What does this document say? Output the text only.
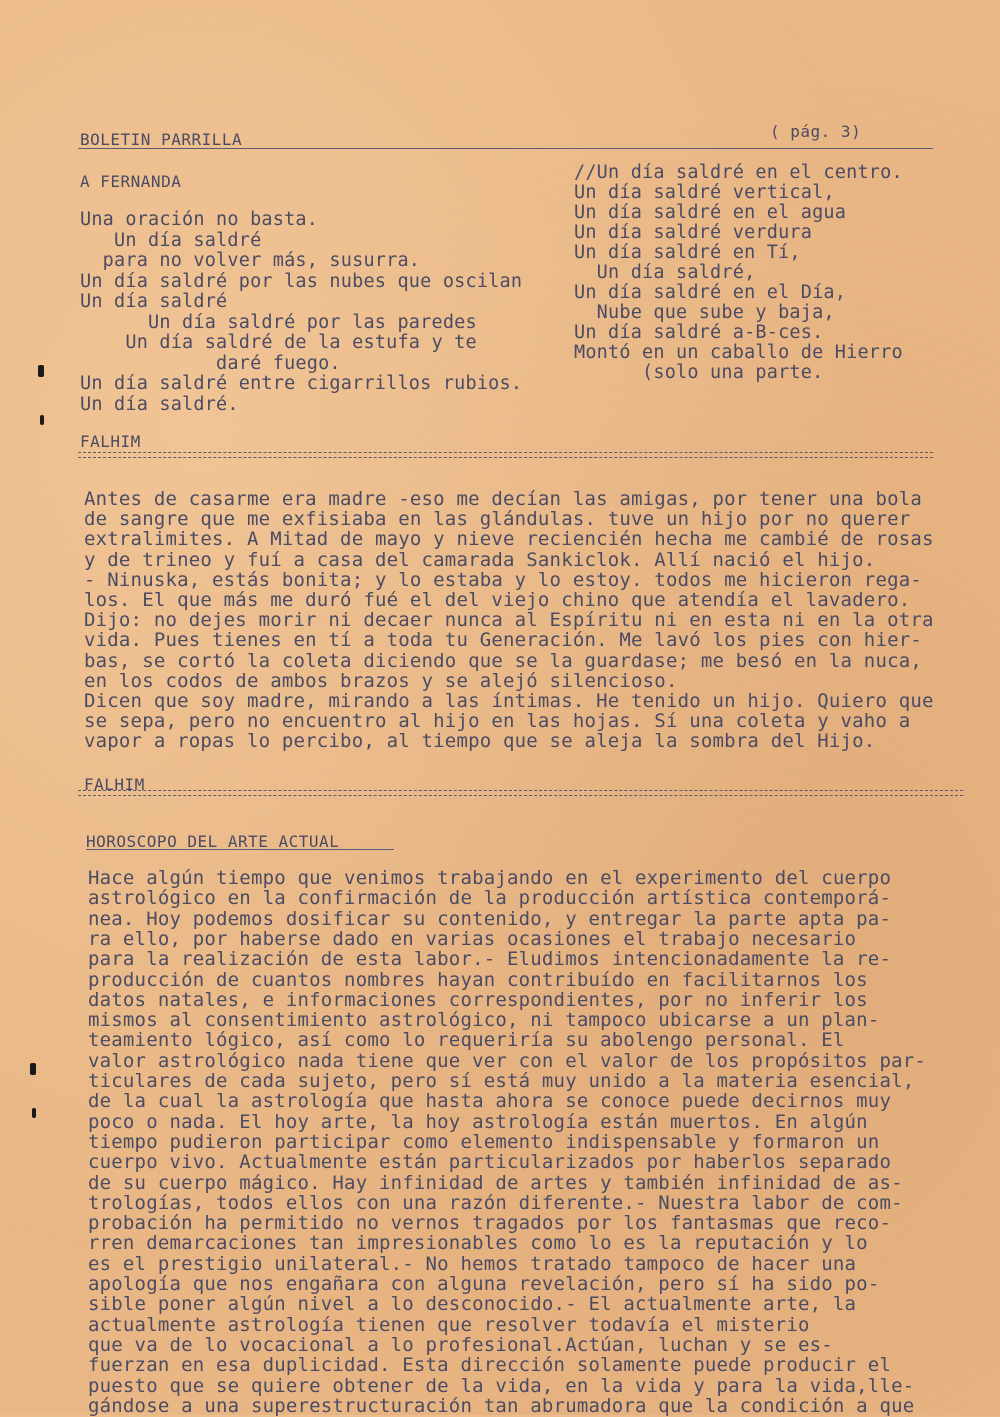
BOLETIN PARRILLA	( pág. 3)
A FERNANDA
Una oración no basta.
Un día saldré
para no volver más, susurra.
Un día saldré por las nubes que oscilan
Un día saldré
Un día saldré por las paredes
Un día saldré de la estufa y te
daré fuego.
Un día saldré entre cigarrillos rubios.
Un día saldré.
//Un día saldré en el centro.
Un día saldré vertical,
Un día saldré en el agua
Un día saldré verdura
Un día saldré en Tí,
Un día saldré,
Un día saldré en el Día,
Nube que sube y baja,
Un día saldré a-B-ces.
Montó en un caballo de Hierro
(solo una parte.
FALHIM
Antes de casarme era madre -eso me decían las amigas, por tener una bola
de sangre que me exfisiaba en las glándulas. tuve un hijo por no querer
extralimites. A Mitad de mayo y nieve reciencién hecha me cambié de rosas
y de trineo y fuí a casa del camarada Sankiclok. Allí nació el hijo.
- Ninuska, estás bonita; y lo estaba y lo estoy. todos me hicieron rega-
los. El que más me duró fué el del viejo chino que atendía el lavadero.
Dijo: no dejes morir ni decaer nunca al Espíritu ni en esta ni en la otra
vida. Pues tienes en tí a toda tu Generación. Me lavó los pies con hier-
bas, se cortó la coleta diciendo que se la guardase; me besó en la nuca,
en los codos de ambos brazos y se alejó silencioso.
Dicen que soy madre, mirando a las íntimas. He tenido un hijo. Quiero que
se sepa, pero no encuentro al hijo en las hojas. Sí una coleta y vaho a
vapor a ropas lo percibo, al tiempo que se aleja la sombra del Hijo.
FALHIM
HOROSCOPO DEL ARTE ACTUAL
Hace algún tiempo que venimos trabajando en el experimento del cuerpo
astrológico en la confirmación de la producción artística contemporá-
nea. Hoy podemos dosificar su contenido, y entregar la parte apta pa-
ra ello, por haberse dado en varias ocasiones el trabajo necesario
para la realización de esta labor.- Eludimos intencionadamente la re-
producción de cuantos nombres hayan contribuído en facilitarnos los
datos natales, e informaciones correspondientes, por no inferir los
mismos al consentimiento astrológico, ni tampoco ubicarse a un plan-
teamiento lógico, así como lo requeriría su abolengo personal. El
valor astrológico nada tiene que ver con el valor de los propósitos par-
ticulares de cada sujeto, pero sí está muy unido a la materia esencial,
de la cual la astrología que hasta ahora se conoce puede decirnos muy
poco o nada. El hoy arte, la hoy astrología están muertos. En algún
tiempo pudieron participar como elemento indispensable y formaron un
cuerpo vivo. Actualmente están particularizados por haberlos separado
de su cuerpo mágico. Hay infinidad de artes y también infinidad de as-
trologías, todos ellos con una razón diferente.- Nuestra labor de com-
probación ha permitido no vernos tragados por los fantasmas que reco-
rren demarcaciones tan impresionables como lo es la reputación y lo
es el prestigio unilateral.- No hemos tratado tampoco de hacer una
apología que nos engañara con alguna revelación, pero sí ha sido po-
sible poner algún nivel a lo desconocido.- El actualmente arte, la
actualmente astrología tienen que resolver todavía el misterio
que va de lo vocacional a lo profesional.Actúan, luchan y se es-
fuerzan en esa duplicidad. Esta dirección solamente puede producir el
puesto que se quiere obtener de la vida, en la vida y para la vida,lle-
gándose a una superestructuración tan abrumadora que la condición a que
